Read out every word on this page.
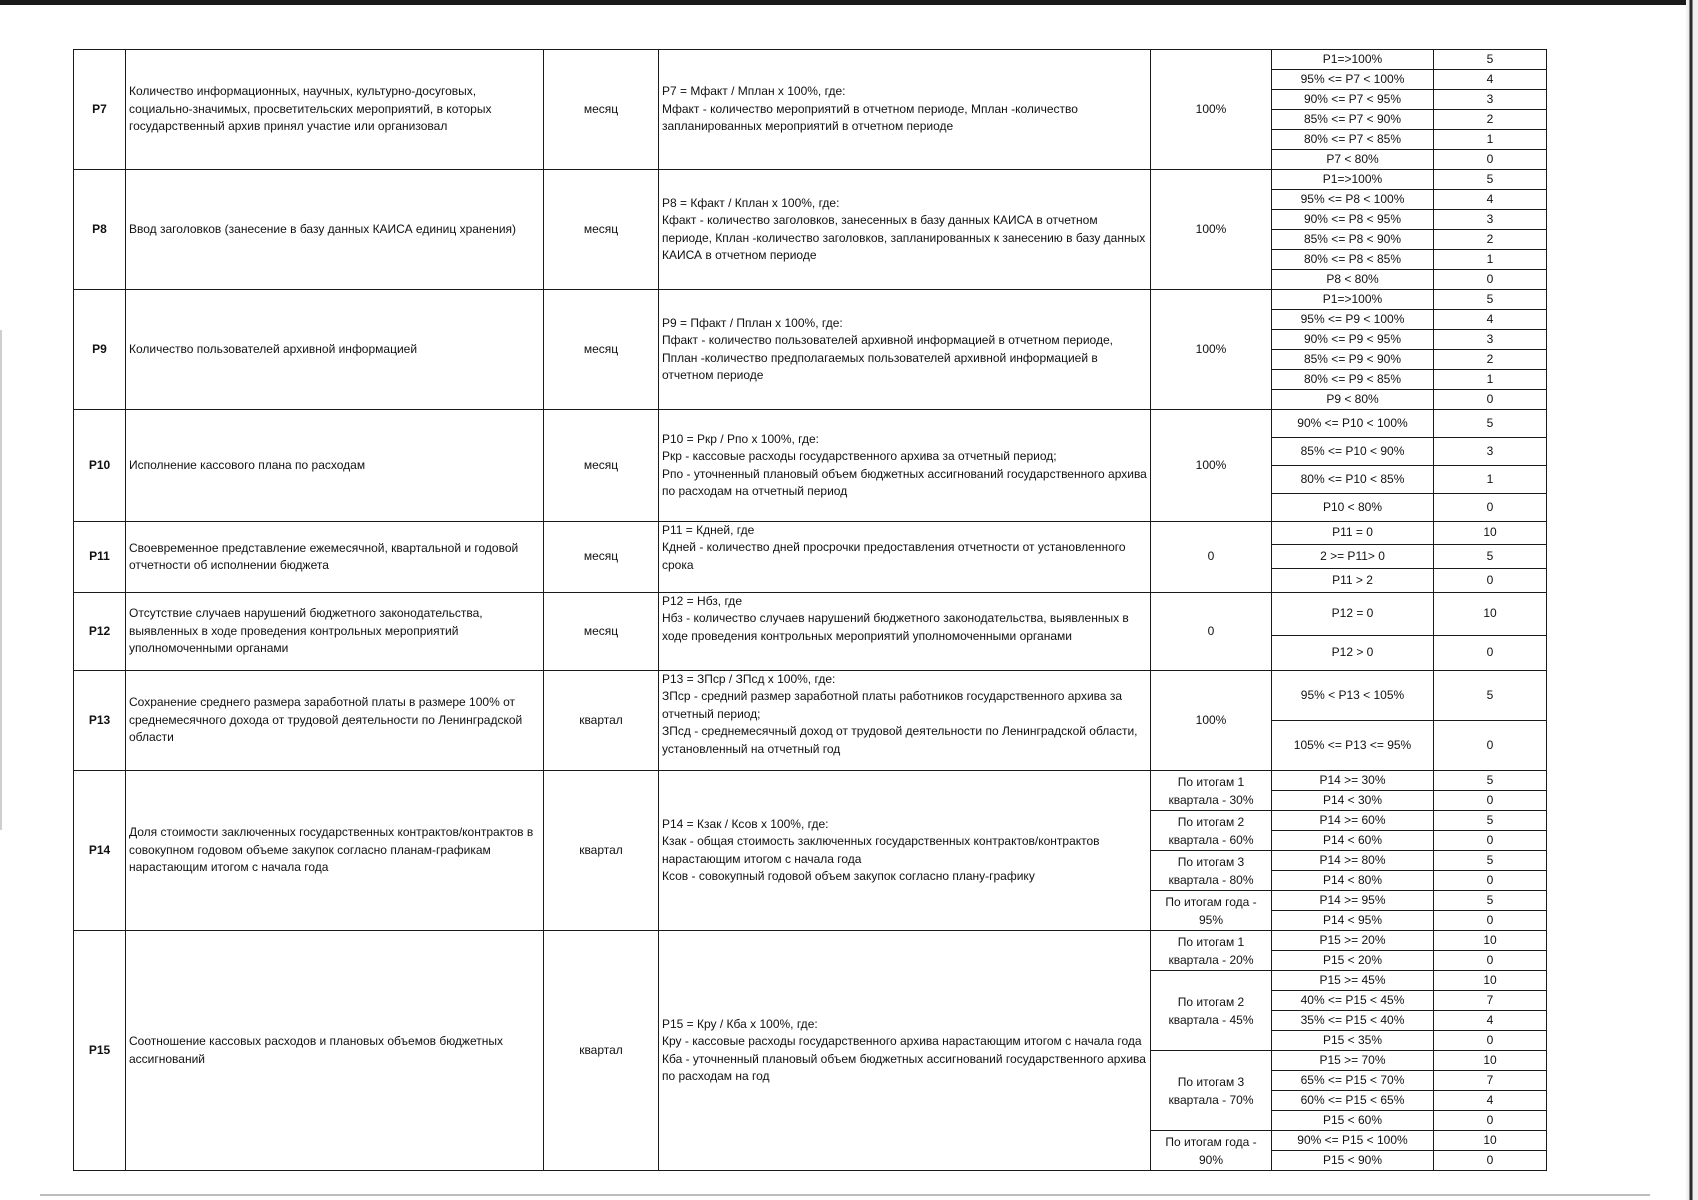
P7	Количество информационных, научных, культурно-досуговых, социально-значимых, просветительских мероприятий, в которых государственный архив принял участие или организовал	месяц	P7 = Мфакт / Мплан х 100%, где:
Мфакт - количество мероприятий в отчетном периоде, Мплан -количество запланированных мероприятий в отчетном периоде	100%	P1=>100%	5
					95% <= P7 < 100%	4
					90% <= P7 < 95%	3
					85% <= P7 < 90%	2
					80% <= P7 < 85%	1
					P7 < 80%	0
P8	Ввод заголовков (занесение в базу данных КАИСА единиц хранения)	месяц	P8 = Кфакт / Кплан х 100%, где:
Кфакт - количество заголовков, занесенных в базу данных КАИСА в отчетном периоде, Кплан -количество заголовков, запланированных к занесению в базу данных КАИСА в отчетном периоде	100%	P1=>100%	5
					95% <= P8 < 100%	4
					90% <= P8 < 95%	3
					85% <= P8 < 90%	2
					80% <= P8 < 85%	1
					P8 < 80%	0
P9	Количество пользователей архивной информацией	месяц	P9 = Пфакт / Пплан х 100%, где:
Пфакт - количество пользователей архивной информацией в отчетном периоде, Пплан -количество предполагаемых пользователей архивной информацией в отчетном периоде	100%	P1=>100%	5
					95% <= P9 < 100%	4
					90% <= P9 < 95%	3
					85% <= P9 < 90%	2
					80% <= P9 < 85%	1
					P9 < 80%	0
P10	Исполнение кассового плана по расходам	месяц	P10 = Ркр / Рпо х 100%, где:
Ркр - кассовые расходы государственного архива за отчетный период;
Рпо - уточненный плановый объем бюджетных ассигнований государственного архива по расходам на отчетный период	100%	90% <= P10 < 100%	5
					85% <= P10 < 90%	3
					80% <= P10 < 85%	1
					P10 < 80%	0
P11	Своевременное представление ежемесячной, квартальной и годовой отчетности об исполнении бюджета	месяц	P11 = Кдней, где
Кдней - количество дней просрочки предоставления отчетности от установленного срока	0	P11 = 0	10
					2 >= P11> 0	5
					P11 > 2	0
P12	Отсутствие случаев нарушений бюджетного законодательства, выявленных в ходе проведения контрольных мероприятий уполномоченными органами	месяц	P12 = Нбз, где
Нбз - количество случаев нарушений бюджетного законодательства, выявленных в ходе проведения контрольных мероприятий уполномоченными органами	0	P12 = 0	10
					P12 > 0	0
P13	Сохранение среднего размера заработной платы в размере 100% от среднемесячного дохода от трудовой деятельности по Ленинградской области	квартал	P13 = ЗПср / ЗПсд х 100%, где:
ЗПср - средний размер заработной платы работников государственного архива за отчетный период;
ЗПсд - среднемесячный доход от трудовой деятельности по Ленинградской области, установленный на отчетный год	100%	95% < P13 < 105%	5
					105% <= P13 <= 95%	0
P14	Доля стоимости заключенных государственных контрактов/контрактов в совокупном годовом объеме закупок согласно планам-графикам нарастающим итогом с начала года	квартал	P14 = Кзак / Ксов х 100%, где:
Кзак - общая стоимость заключенных государственных контрактов/контрактов нарастающим итогом с начала года
Ксов - совокупный годовой объем закупок согласно плану-графику	По итогам 1
квартала - 30%	P14 >= 30%	5
					P14 < 30%	0
				По итогам 2
квартала - 60%	P14 >= 60%	5
					P14 < 60%	0
				По итогам 3
квартала - 80%	P14 >= 80%	5
					P14 < 80%	0
				По итогам года -
95%	P14 >= 95%	5
					P14 < 95%	0
P15	Соотношение кассовых расходов и плановых объемов бюджетных ассигнований	квартал	P15 = Кру / Кба х 100%, где:
Кру - кассовые расходы государственного архива нарастающим итогом с начала года
Кба - уточненный плановый объем бюджетных ассигнований государственного архива по расходам на год	По итогам 1
квартала - 20%	P15 >= 20%	10
					P15 < 20%	0
				По итогам 2
квартала - 45%	P15 >= 45%	10
					40% <= P15 < 45%	7
					35% <= P15 < 40%	4
					P15 < 35%	0
				По итогам 3
квартала - 70%	P15 >= 70%	10
					65% <= P15 < 70%	7
					60% <= P15 < 65%	4
					P15 < 60%	0
				По итогам года -
90%	90% <= P15 < 100%	10
					P15 < 90%	0
